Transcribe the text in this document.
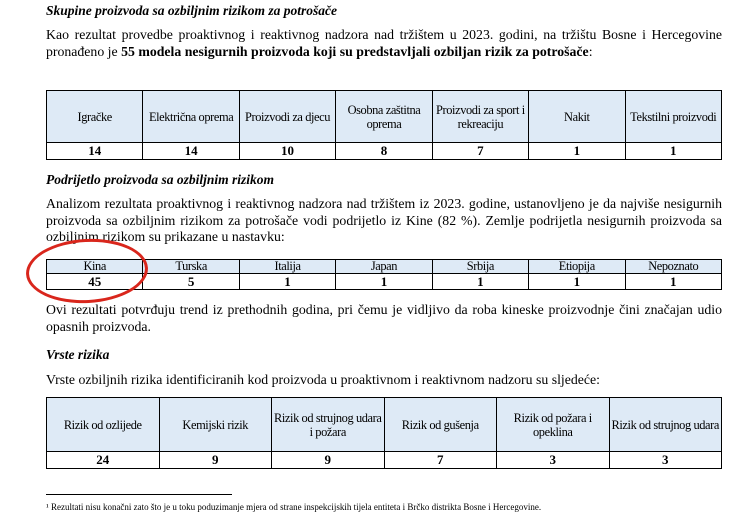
Skupine proizvoda sa ozbiljnim rizikom za potrošače

Kao rezultat provedbe proaktivnog i reaktivnog nadzora nad tržištem u 2023. godini, na tržištu Bosne i Hercegovine pronađeno je 55 modela nesigurnih proizvoda koji su predstavljali ozbiljan rizik za potrošače:

Igračke	Električna oprema	Proizvodi za djecu	Osobna zaštitna oprema	Proizvodi za sport i rekreaciju	Nakit	Tekstilni proizvodi
14	14	10	8	7	1	1

Podrijetlo proizvoda sa ozbiljnim rizikom

Analizom rezultata proaktivnog i reaktivnog nadzora nad tržištem iz 2023. godine, ustanovljeno je da najviše nesigurnih proizvoda sa ozbiljnim rizikom za potrošače vodi podrijetlo iz Kine (82 %). Zemlje podrijetla nesigurnih proizvoda sa ozbiljnim rizikom su prikazane u nastavku:

Kina	Turska	Italija	Japan	Srbija	Etiopija	Nepoznato
45	5	1	1	1	1	1

Ovi rezultati potvrđuju trend iz prethodnih godina, pri čemu je vidljivo da roba kineske proizvodnje čini značajan udio opasnih proizvoda.

Vrste rizika

Vrste ozbiljnih rizika identificiranih kod proizvoda u proaktivnom i reaktivnom nadzoru su sljedeće:

Rizik od ozlijede	Kemijski rizik	Rizik od strujnog udara i požara	Rizik od gušenja	Rizik od požara i opeklina	Rizik od strujnog udara
24	9	9	7	3	3

¹ Rezultati nisu konačni zato što je u toku poduzimanje mjera od strane inspekcijskih tijela entiteta i Brčko distrikta Bosne i Hercegovine.
